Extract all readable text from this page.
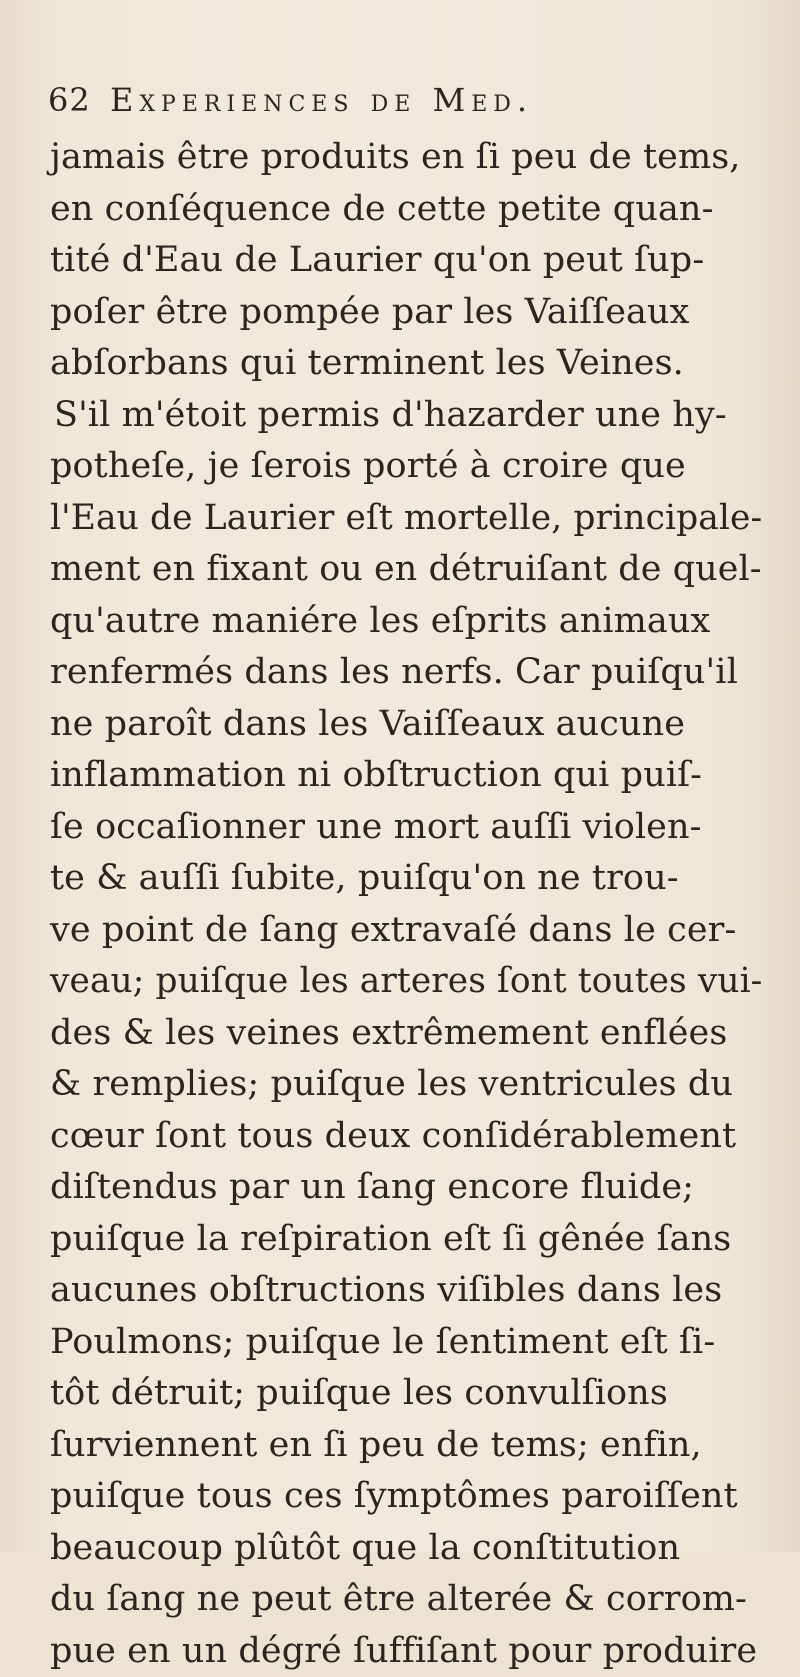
62 Experiences de Med.
jamais être produits en ſi peu de tems,
en conſéquence de cette petite quan-
tité d'Eau de Laurier qu'on peut ſup-
poſer être pompée par les Vaiſſeaux
abſorbans qui terminent les Veines.
S'il m'étoit permis d'hazarder une hy-
potheſe, je ſerois porté à croire que
l'Eau de Laurier eſt mortelle, principale-
ment en fixant ou en détruiſant de quel-
qu'autre maniére les eſprits animaux
renfermés dans les nerfs. Car puiſqu'il
ne paroît dans les Vaiſſeaux aucune
inflammation ni obſtruction qui puiſ-
ſe occaſionner une mort auſſi violen-
te & auſſi ſubite, puiſqu'on ne trou-
ve point de ſang extravaſé dans le cer-
veau; puiſque les arteres ſont toutes vui-
des & les veines extrêmement enflées
& remplies; puiſque les ventricules du
cœur ſont tous deux conſidérablement
diſtendus par un ſang encore fluide;
puiſque la reſpiration eſt ſi gênée ſans
aucunes obſtructions viſibles dans les
Poulmons; puiſque le ſentiment eſt ſi-
tôt détruit; puiſque les convulſions
ſurviennent en ſi peu de tems; enfin,
puiſque tous ces ſymptômes paroiſſent
beaucoup plûtôt que la conſtitution
du ſang ne peut être alterée & corrom-
pue en un dégré ſuffiſant pour produire
